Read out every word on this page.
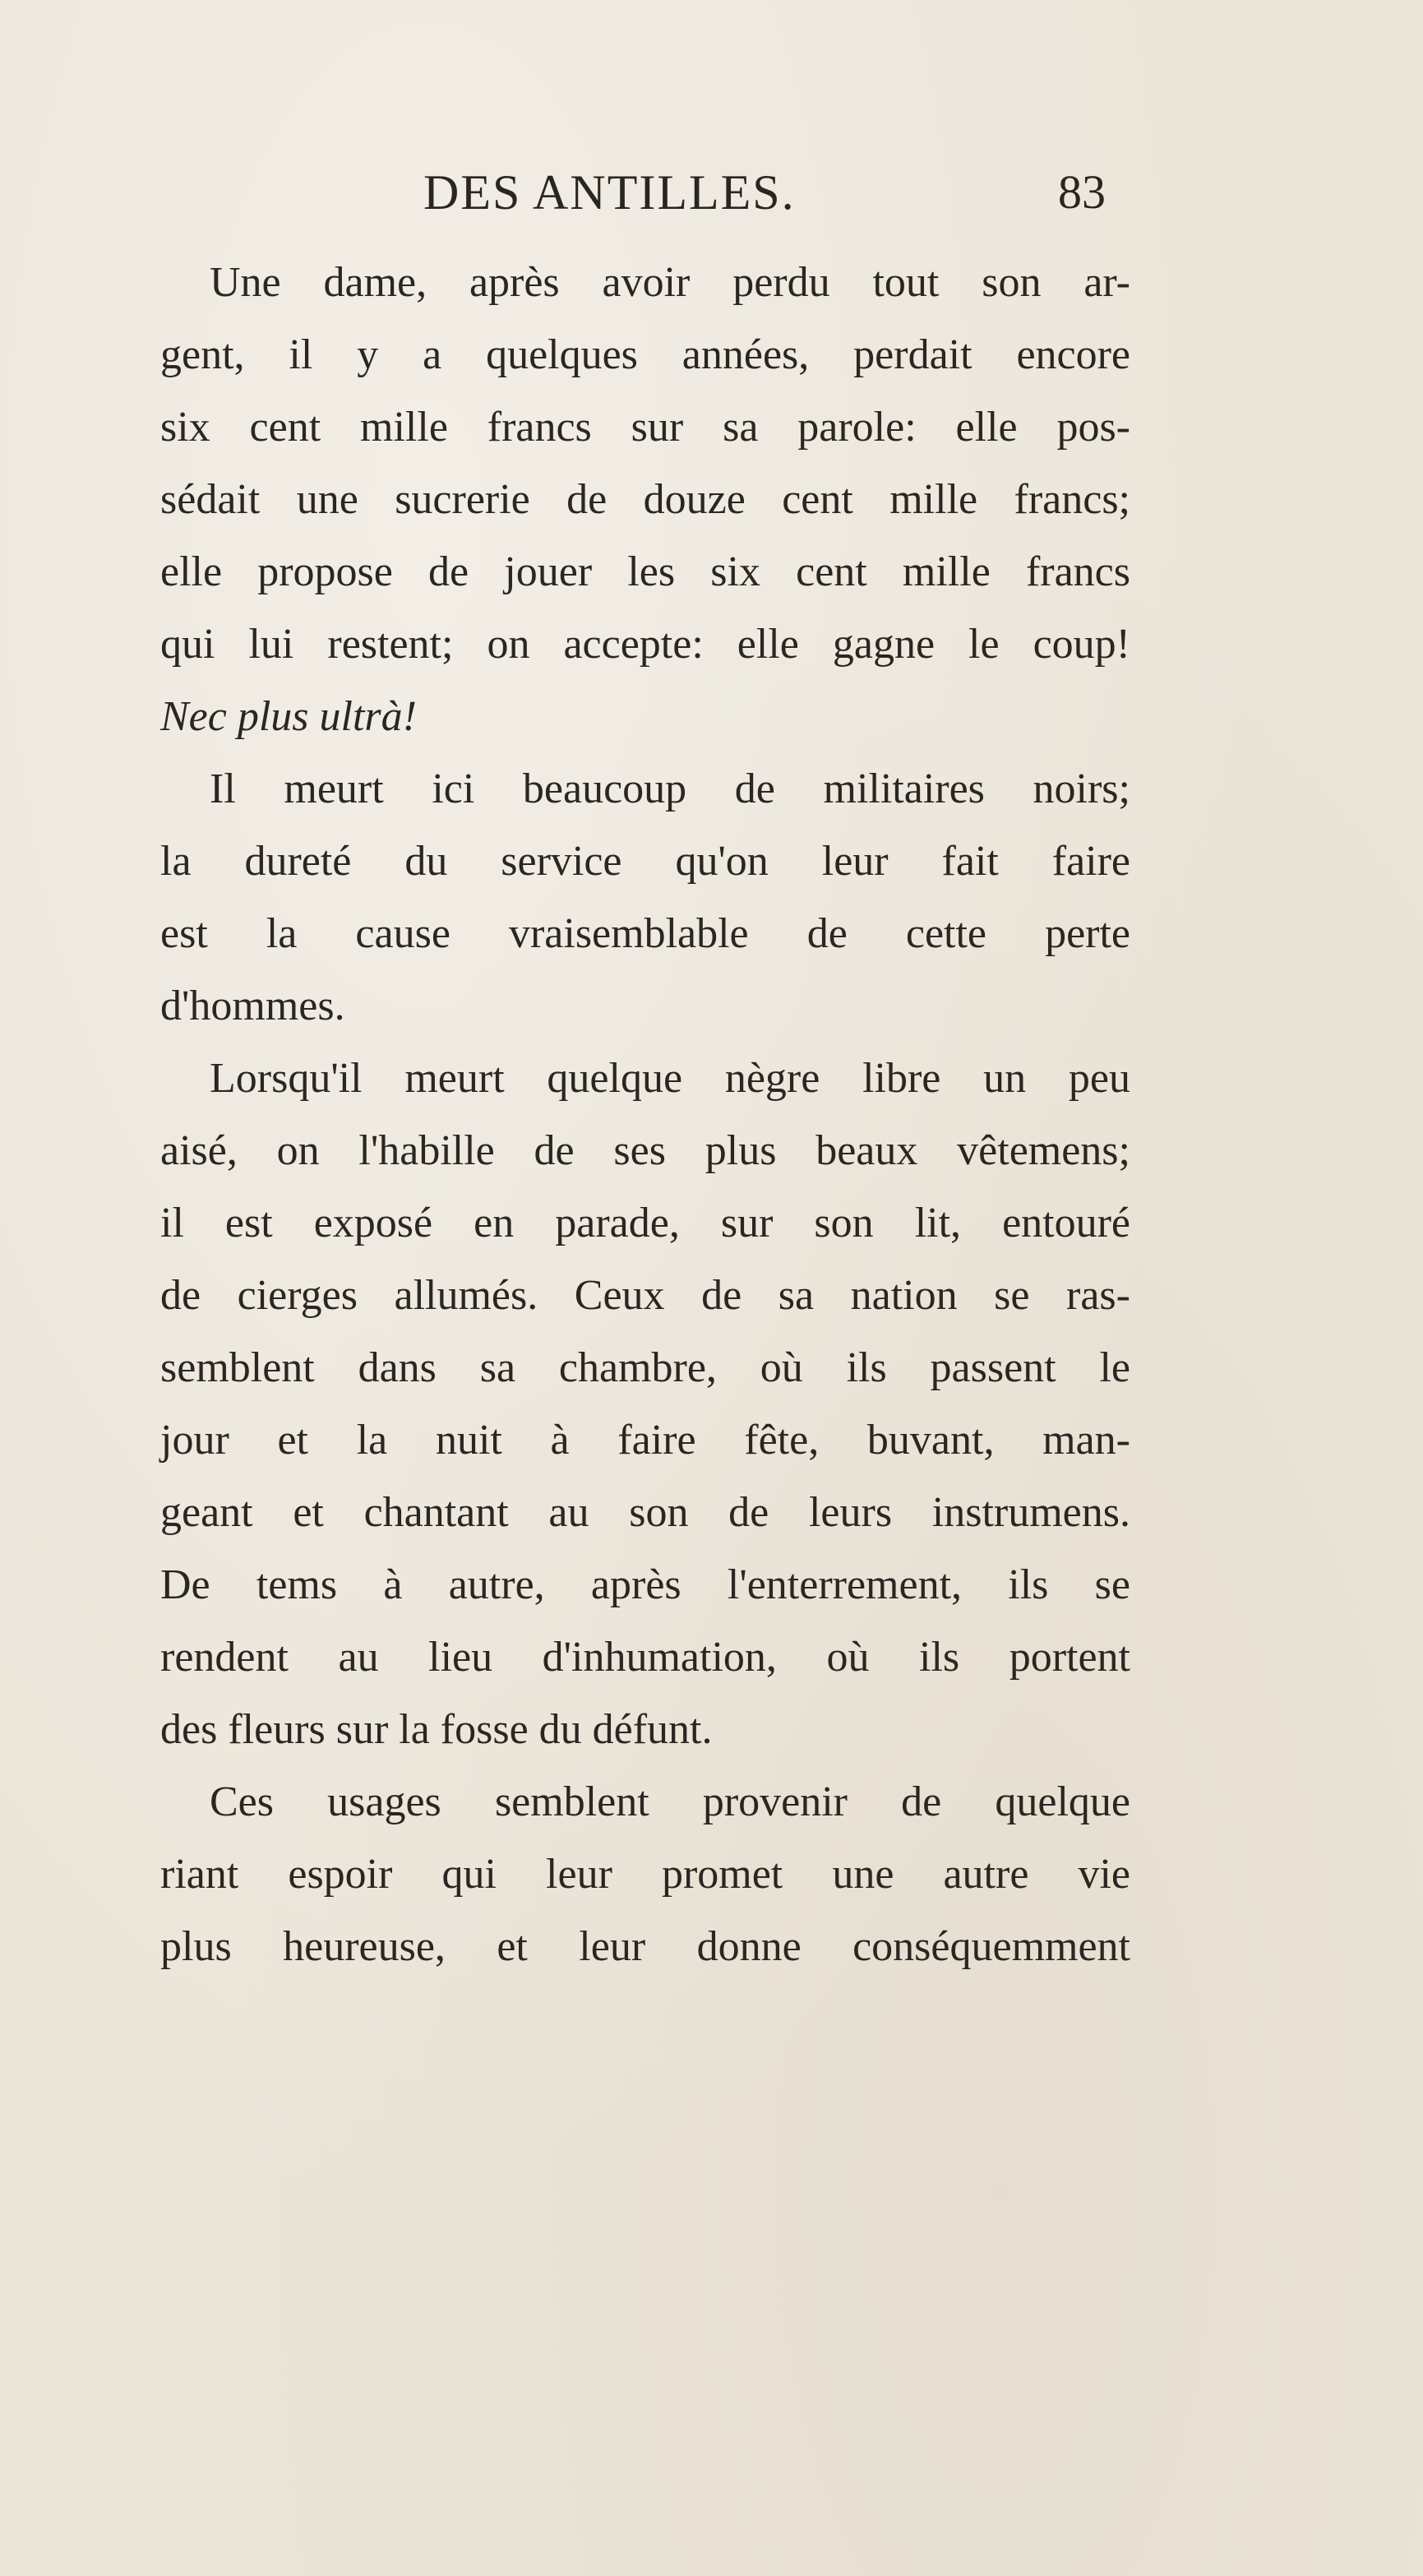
DES ANTILLES.	83
Une dame, après avoir perdu tout son ar-
gent, il y a quelques années, perdait encore
six cent mille francs sur sa parole: elle pos-
sédait une sucrerie de douze cent mille francs;
elle propose de jouer les six cent mille francs
qui lui restent; on accepte: elle gagne le coup!
Nec plus ultrà!
Il meurt ici beaucoup de militaires noirs;
la dureté du service qu'on leur fait faire
est la cause vraisemblable de cette perte
d'hommes.
Lorsqu'il meurt quelque nègre libre un peu
aisé, on l'habille de ses plus beaux vêtemens;
il est exposé en parade, sur son lit, entouré
de cierges allumés. Ceux de sa nation se ras-
semblent dans sa chambre, où ils passent le
jour et la nuit à faire fête, buvant, man-
geant et chantant au son de leurs instrumens.
De tems à autre, après l'enterrement, ils se
rendent au lieu d'inhumation, où ils portent
des fleurs sur la fosse du défunt.
Ces usages semblent provenir de quelque
riant espoir qui leur promet une autre vie
plus heureuse, et leur donne conséquemment
